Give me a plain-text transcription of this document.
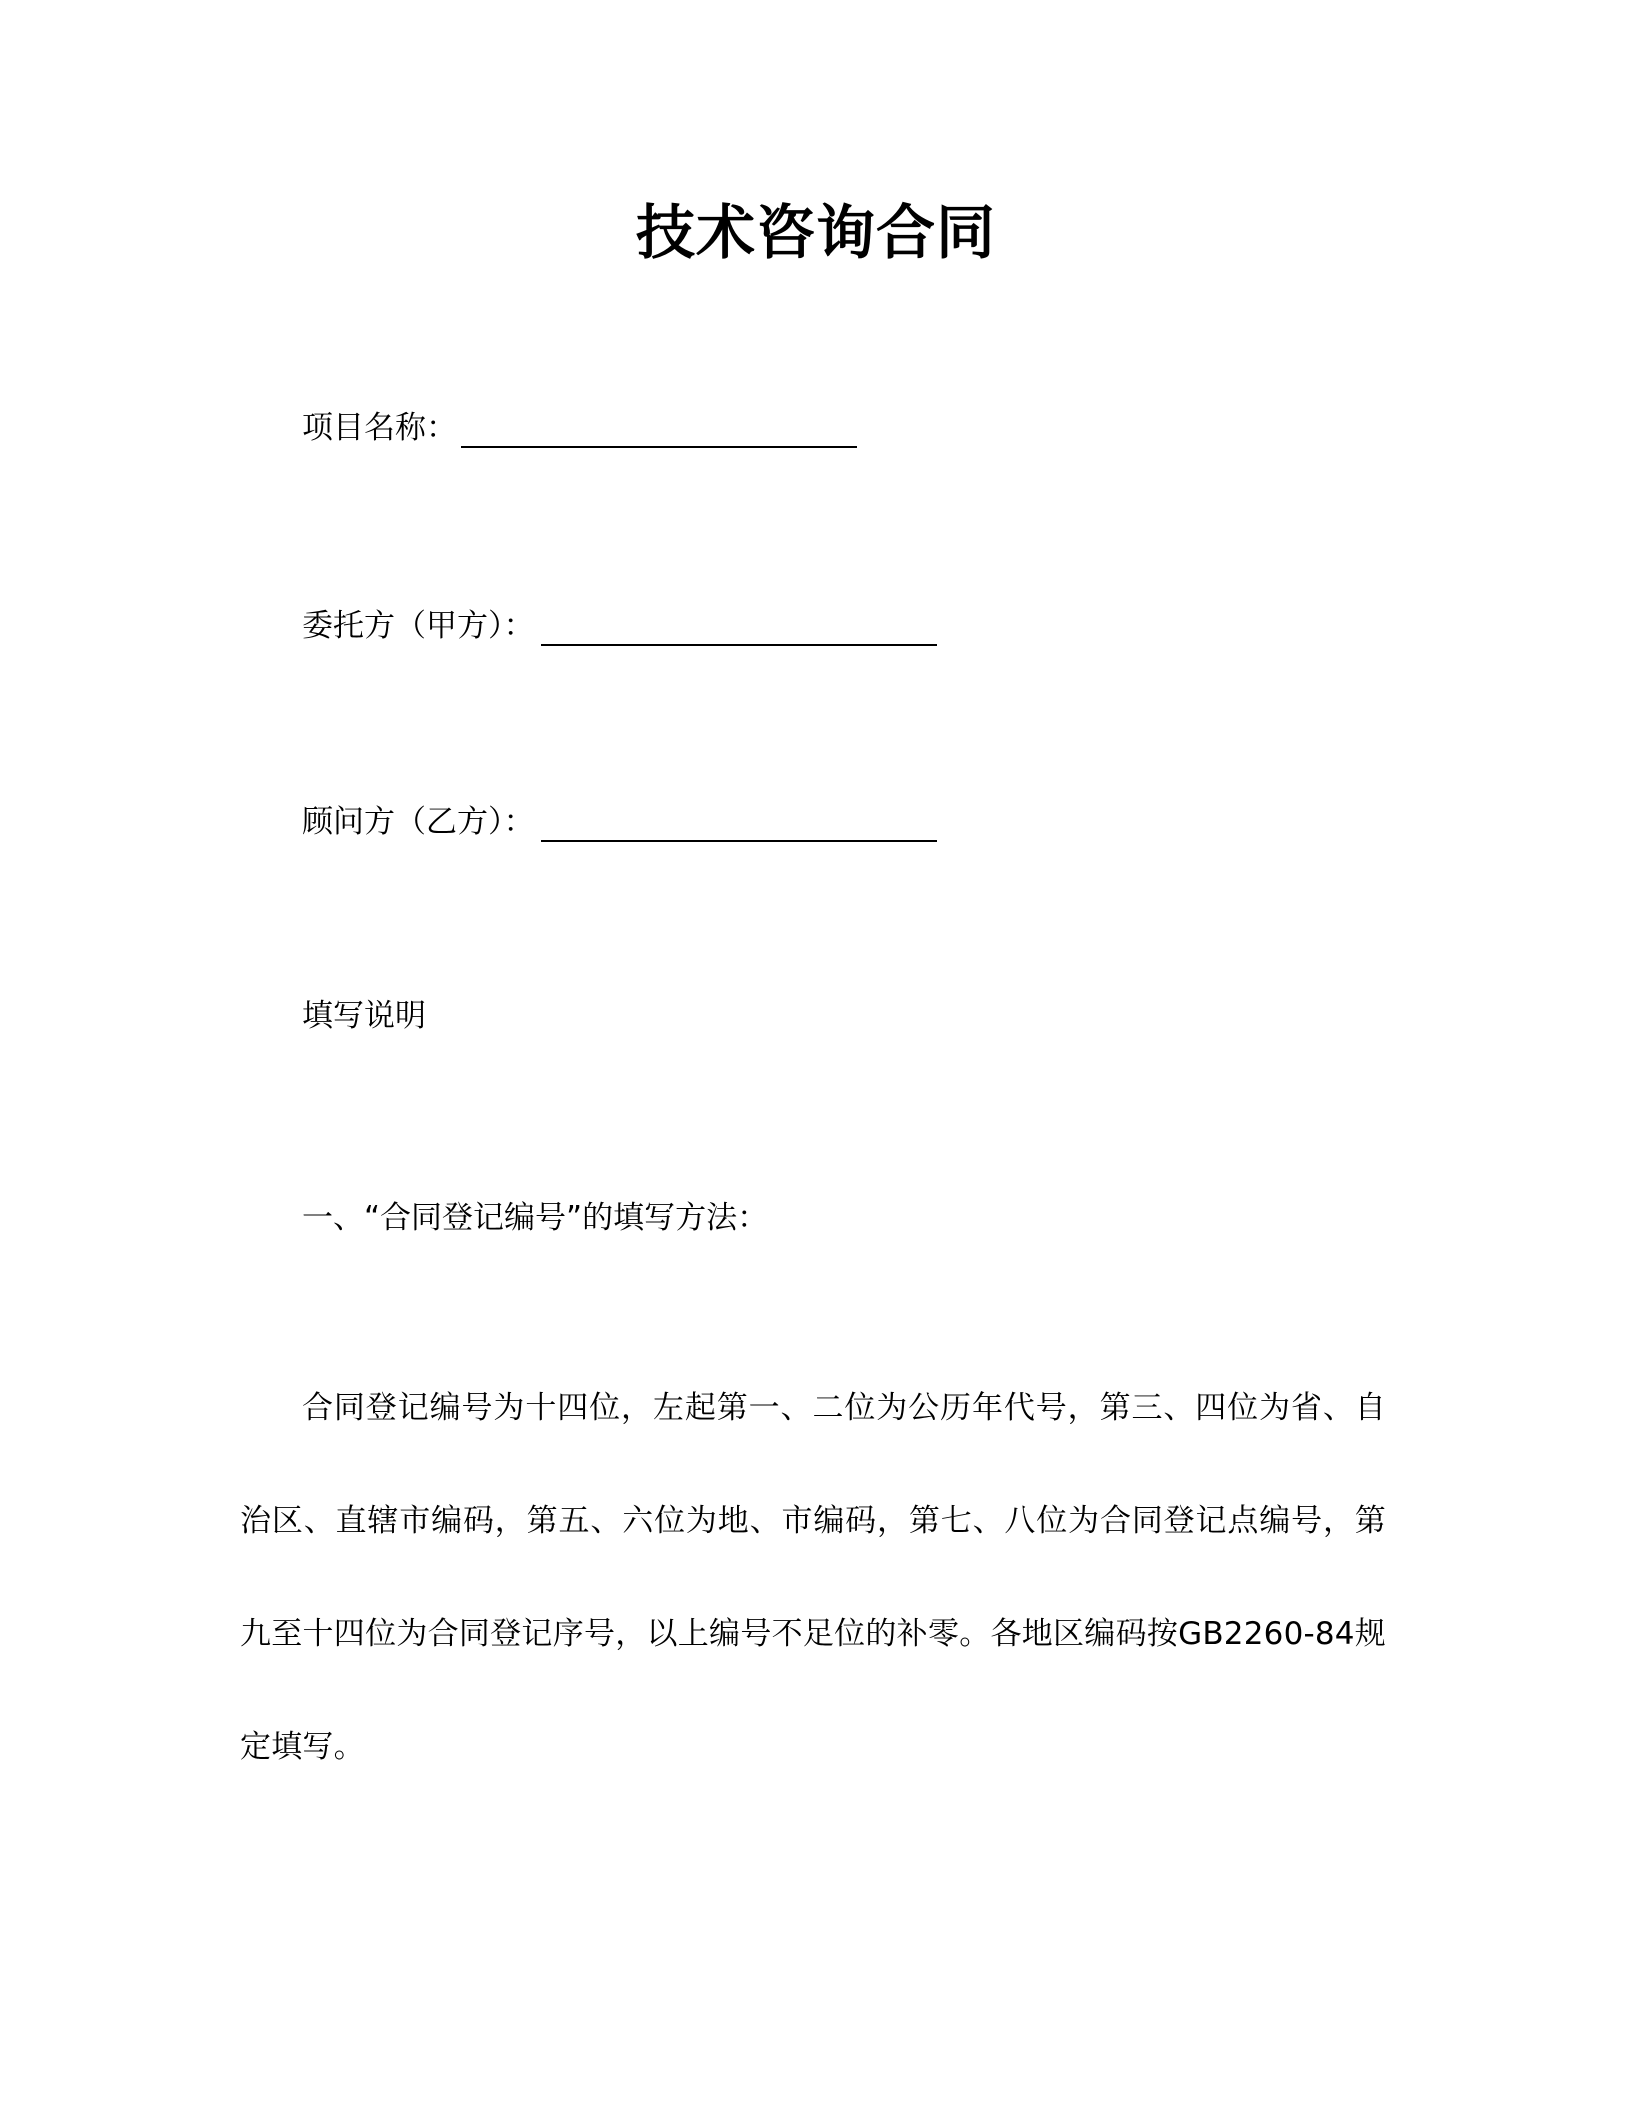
技术咨询合同
项目名称：
委托方（甲方）：
顾问方（乙方）：
填写说明
一、“合同登记编号”的填写方法：
合同登记编号为十四位，左起第一、二位为公历年代号，第三、四位为省、自治区、直辖市编码，第五、六位为地、市编码，第七、八位为合同登记点编号，第九至十四位为合同登记序号，以上编号不足位的补零。各地区编码按GB2260-84规定填写。
